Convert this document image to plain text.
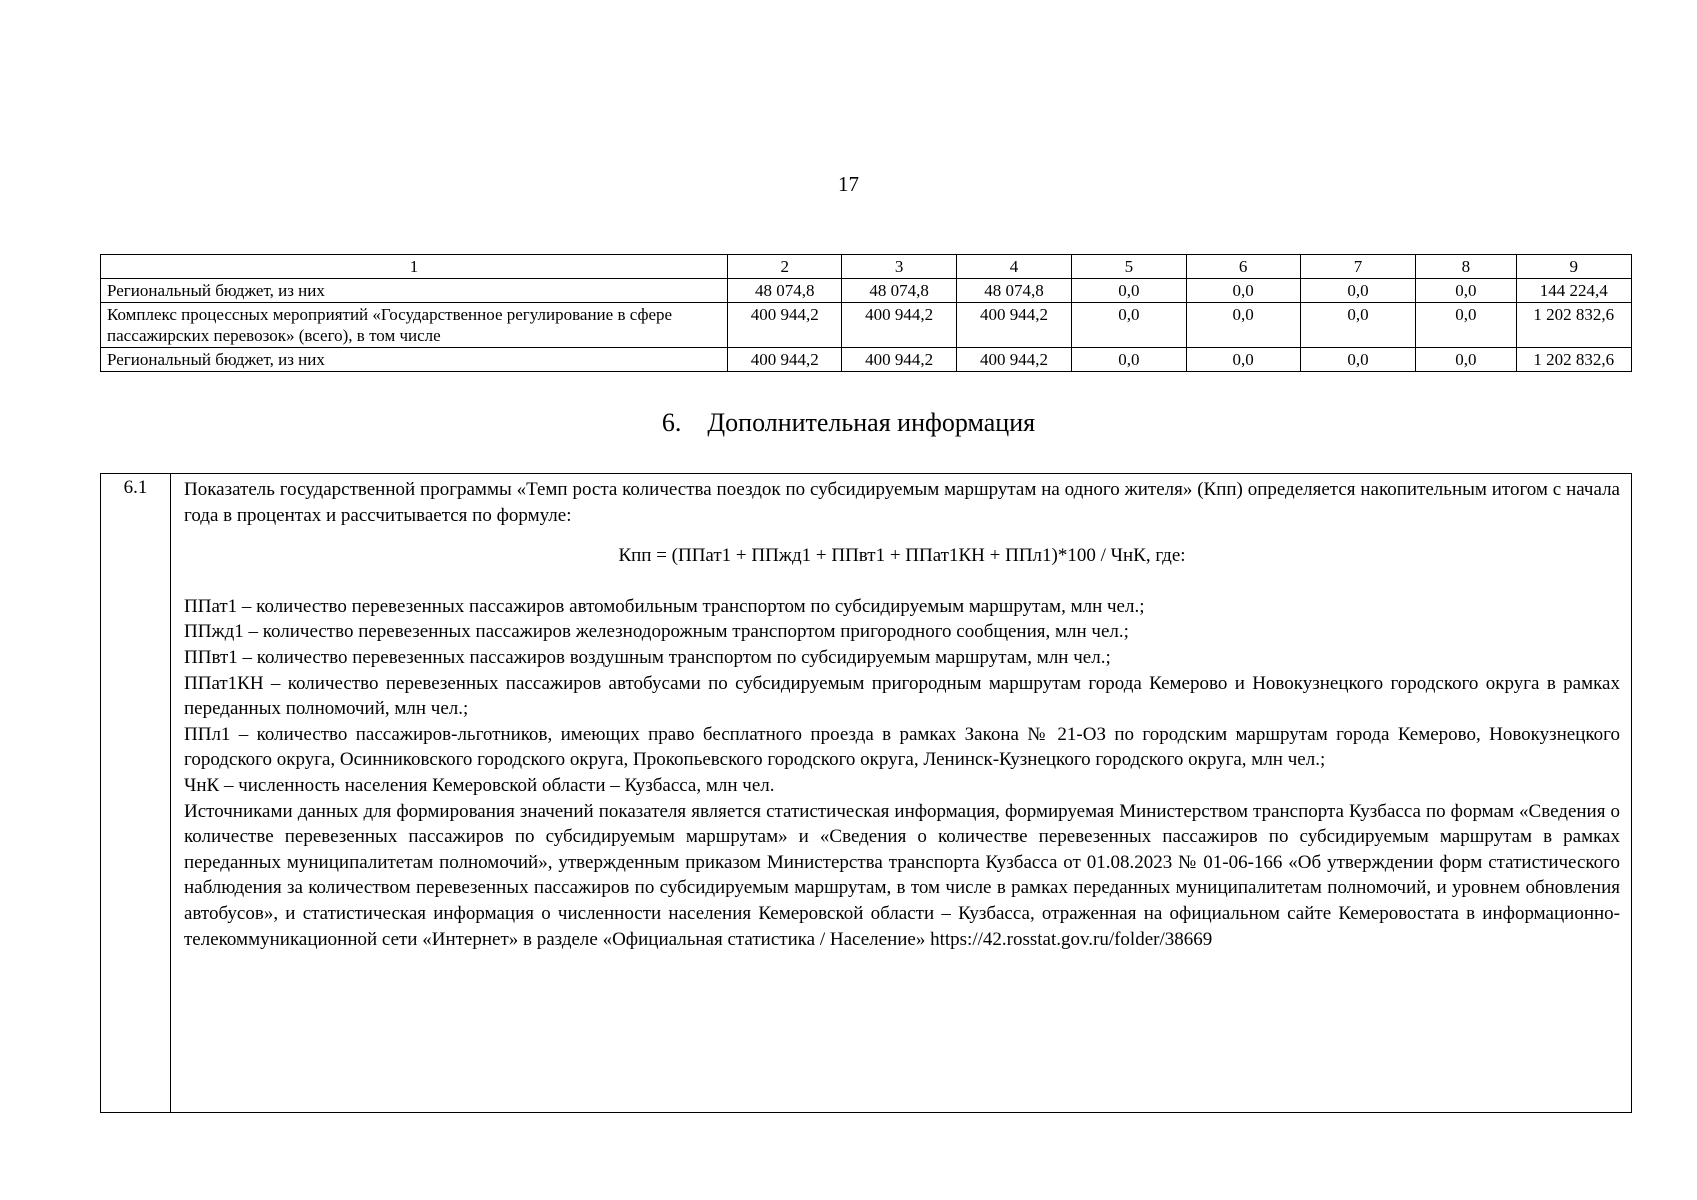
17
1	2	3	4	5	6	7	8	9
Региональный бюджет, из них	48 074,8	48 074,8	48 074,8	0,0	0,0	0,0	0,0	144 224,4
Комплекс процессных мероприятий «Государственное регулирование в сфере пассажирских перевозок» (всего), в том числе	400 944,2	400 944,2	400 944,2	0,0	0,0	0,0	0,0	1 202 832,6
Региональный бюджет, из них	400 944,2	400 944,2	400 944,2	0,0	0,0	0,0	0,0	1 202 832,6
6. Дополнительная информация
6.1	Показатель государственной программы «Темп роста количества поездок по субсидируемым маршрутам на одного жителя» (Кпп) определяется накопительным итогом с начала года в процентах и рассчитывается по формуле:

Кпп = (ППат1 + ППжд1 + ППвт1 + ППат1КН + ППл1)*100 / ЧнК, где:

ППат1 – количество перевезенных пассажиров автомобильным транспортом по субсидируемым маршрутам, млн чел.;

ППжд1 – количество перевезенных пассажиров железнодорожным транспортом пригородного сообщения, млн чел.;

ППвт1 – количество перевезенных пассажиров воздушным транспортом по субсидируемым маршрутам, млн чел.;

ППат1КН – количество перевезенных пассажиров автобусами по субсидируемым пригородным маршрутам города Кемерово и Новокузнецкого городского округа в рамках переданных полномочий, млн чел.;

ППл1 – количество пассажиров-льготников, имеющих право бесплатного проезда в рамках Закона № 21-ОЗ по городским маршрутам города Кемерово, Новокузнецкого городского округа, Осинниковского городского округа, Прокопьевского городского округа, Ленинск-Кузнецкого городского округа, млн чел.;

ЧнК – численность населения Кемеровской области – Кузбасса, млн чел.

Источниками данных для формирования значений показателя является статистическая информация, формируемая Министерством транспорта Кузбасса по формам «Сведения о количестве перевезенных пассажиров по субсидируемым маршрутам» и «Сведения о количестве перевезенных пассажиров по субсидируемым маршрутам в рамках переданных муниципалитетам полномочий», утвержденным приказом Министерства транспорта Кузбасса от 01.08.2023 № 01-06-166 «Об утверждении форм статистического наблюдения за количеством перевезенных пассажиров по субсидируемым маршрутам, в том числе в рамках переданных муниципалитетам полномочий, и уровнем обновления автобусов», и статистическая информация о численности населения Кемеровской области – Кузбасса, отраженная на официальном сайте Кемеровостата в информационно-телекоммуникационной сети «Интернет» в разделе «Официальная статистика / Население» https://42.rosstat.gov.ru/folder/38669
